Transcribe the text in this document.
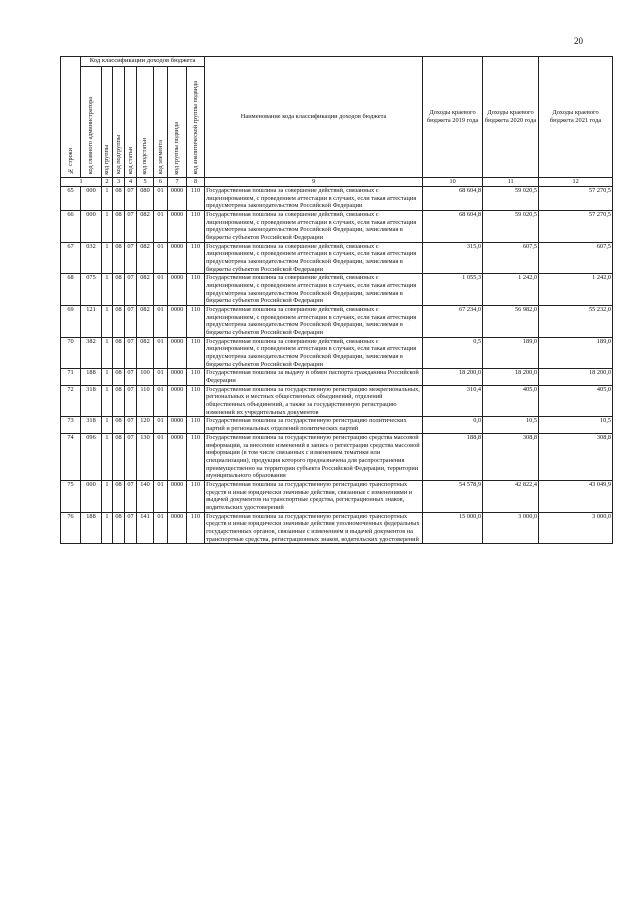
20
№ строки	Код классификации доходов бюджета								Наименование кода классификации доходов бюджета	Доходы краевого бюджета 2019 года	Доходы краевого бюджета 2020 года	Доходы краевого бюджета 2021 года
	код главного администратора	код группы	код подгруппы	код статьи	код подстатьи	код элемента	код группы подвида	код аналитической группы подвида				
1		2	3	4	5	6	7	8	9	10	11	12
65	000	1	08	07	080	01	0000	110	Государственная пошлина за совершение действий, связанных с лицензированием, с проведением аттестации в случаях, если такая аттестация предусмотрена законодательством Российской Федерации	68 604,8	59 020,5	57 270,5
66	000	1	08	07	082	01	0000	110	Государственная пошлина за совершение действий, связанных с лицензированием, с проведением аттестации в случаях, если такая аттестация предусмотрена законодательством Российской Федерации, зачисляемая в бюджеты субъектов Российской Федерации	68 604,8	59 020,5	57 270,5
67	032	1	08	07	082	01	0000	110	Государственная пошлина за совершение действий, связанных с лицензированием, с проведением аттестации в случаях, если такая аттестация предусмотрена законодательством Российской Федерации, зачисляемая в бюджеты субъектов Российской Федерации	315,0	607,5	607,5
68	075	1	08	07	082	01	0000	110	Государственная пошлина за совершение действий, связанных с лицензированием, с проведением аттестации в случаях, если такая аттестация предусмотрена законодательством Российской Федерации, зачисляемая в бюджеты субъектов Российской Федерации	1 055,3	1 242,0	1 242,0
69	121	1	08	07	082	01	0000	110	Государственная пошлина за совершение действий, связанных с лицензированием, с проведением аттестации в случаях, если такая аттестация предусмотрена законодательством Российской Федерации, зачисляемая в бюджеты субъектов Российской Федерации	67 234,0	56 982,0	55 232,0
70	382	1	08	07	082	01	0000	110	Государственная пошлина за совершение действий, связанных с лицензированием, с проведением аттестации в случаях, если такая аттестация предусмотрена законодательством Российской Федерации, зачисляемая в бюджеты субъектов Российской Федерации	0,5	189,0	189,0
71	188	1	08	07	100	01	0000	110	Государственная пошлина за выдачу и обмен паспорта гражданина Российской Федерации	18 200,0	18 200,0	18 200,0
72	318	1	08	07	110	01	0000	110	Государственная пошлина за государственную регистрацию межрегиональных, региональных и местных общественных объединений, отделений общественных объединений, а также за государственную регистрацию изменений их учредительных документов	310,4	405,0	405,0
73	318	1	08	07	120	01	0000	110	Государственная пошлина за государственную регистрацию политических партий и региональных отделений политических партий	0,0	10,5	10,5
74	096	1	08	07	130	01	0000	110	Государственная пошлина за государственную регистрацию средства массовой информации, за внесение изменений в запись о регистрации средства массовой информации (в том числе связанных с изменением тематики или специализации), продукция которого предназначена для распространения преимущественно на территории субъекта Российской Федерации, территории муниципального образования	188,8	308,8	308,8
75	000	1	08	07	140	01	0000	110	Государственная пошлина за государственную регистрацию транспортных средств и иные юридически значимые действия, связанные с изменениями и выдачей документов на транспортные средства, регистрационных знаков, водительских удостоверений	54 578,9	42 822,4	43 049,9
76	188	1	08	07	141	01	0000	110	Государственная пошлина за государственную регистрацию транспортных средств и иные юридически значимые действия уполномоченных федеральных государственных органов, связанные с изменением и выдачей документов на транспортные средства, регистрационных знаков, водительских удостоверений	15 000,0	3 000,0	3 000,0
